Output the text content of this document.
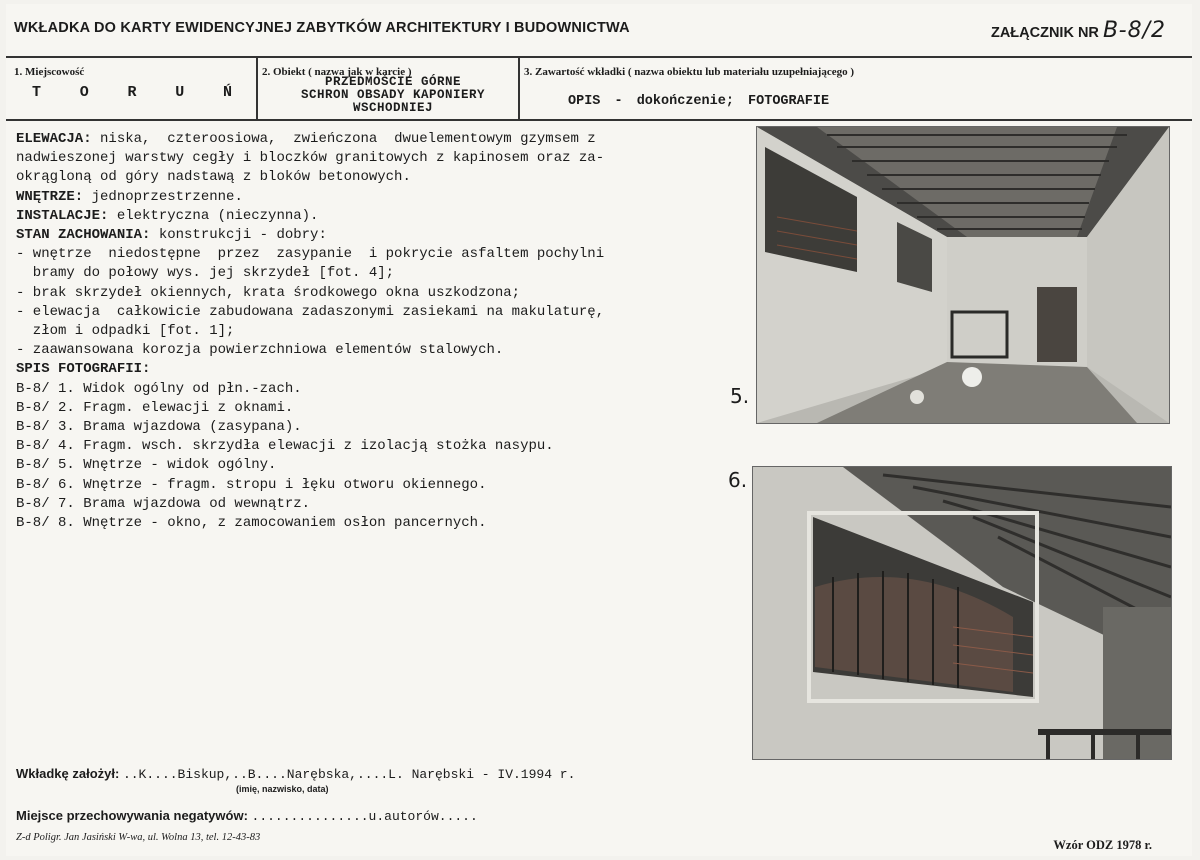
WKŁADKA DO KARTY EWIDENCYJNEJ ZABYTKÓW ARCHITEKTURY I BUDOWNICTWA	ZAŁĄCZNIK NR B-8/2
1. Miejscowość
T	O	R	U	Ń
2. Obiekt ( nazwa jak w karcie )
PRZEDMOŚCIE GÓRNE
SCHRON OBSADY KAPONIERY
WSCHODNIEJ
3. Zawartość wkładki ( nazwa obiektu lub materiału uzupełniającego )
OPIS - dokończenie; FOTOGRAFIE
ELEWACJA: niska,  czteroosiowa,  zwieńczona  dwuelementowym gzymsem z
nadwieszonej warstwy cegły i bloczków granitowych z kapinosem oraz za-
okrągloną od góry nadstawą z bloków betonowych.
WNĘTRZE: jednoprzestrzenne.
INSTALACJE: elektryczna (nieczynna).
STAN ZACHOWANIA: konstrukcji - dobry:
- wnętrze  niedostępne  przez  zasypanie  i pokrycie asfaltem pochylni
bramy do połowy wys. jej skrzydeł [fot. 4];
- brak skrzydeł okiennych, krata środkowego okna uszkodzona;
- elewacja  całkowicie zabudowana zadaszonymi zasiekami na makulaturę,
złom i odpadki [fot. 1];
- zaawansowana korozja powierzchniowa elementów stalowych.
SPIS FOTOGRAFII:
B-8/ 1. Widok ogólny od płn.-zach.
B-8/ 2. Fragm. elewacji z oknami.
B-8/ 3. Brama wjazdowa (zasypana).
B-8/ 4. Fragm. wsch. skrzydła elewacji z izolacją stożka nasypu.
B-8/ 5. Wnętrze - widok ogólny.
B-8/ 6. Wnętrze - fragm. stropu i łęku otworu okiennego.
B-8/ 7. Brama wjazdowa od wewnątrz.
B-8/ 8. Wnętrze - okno, z zamocowaniem osłon pancernych.
5.
6.
Wkładkę założył: ..K....Biskup,..B....Narębska,....L. Narębski - IV.1994 r.
(imię, nazwisko, data)
Miejsce przechowywania negatywów: ...............u.autorów.....
Z-d Poligr. Jan Jasiński W-wa, ul. Wolna 13, tel. 12-43-83
Wzór ODZ 1978 r.
